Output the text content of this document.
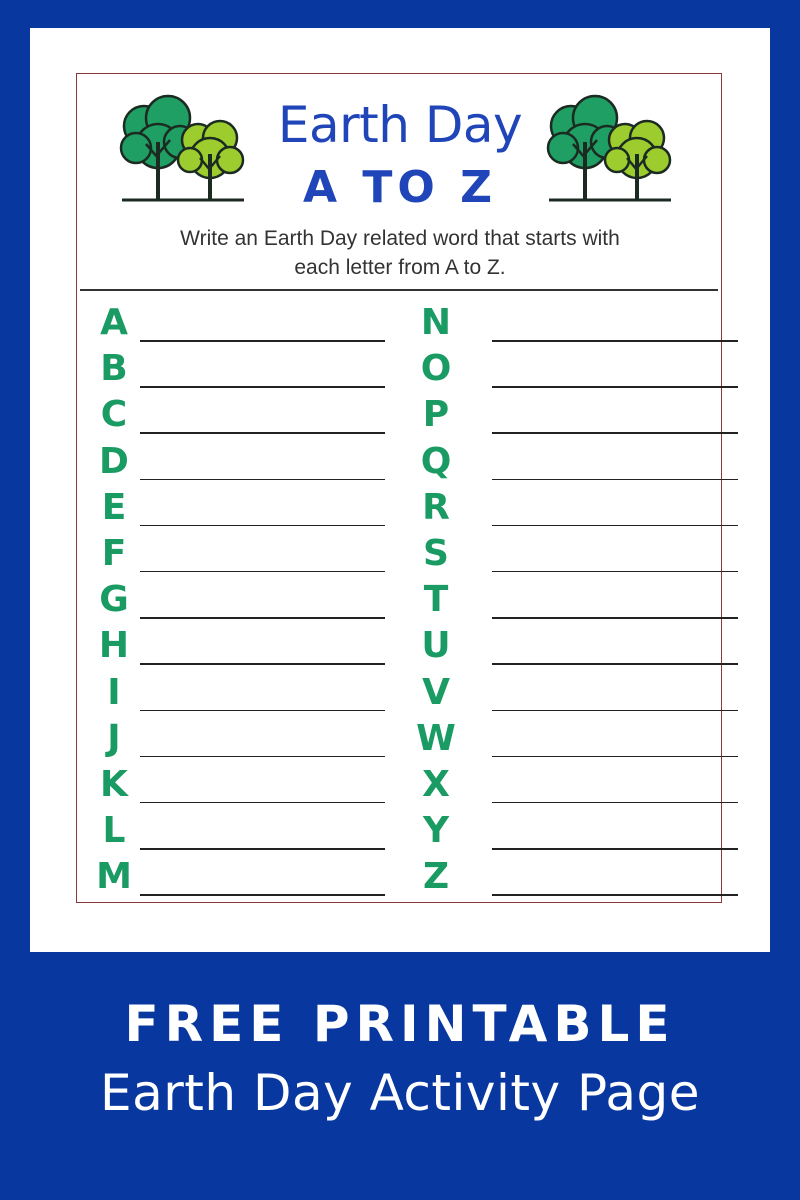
Earth Day
A TO Z
Write an Earth Day related word that starts with
each letter from A to Z.
A
B
C
D
E
F
G
H
I
J
K
L
M
N
O
P
Q
R
S
T
U
V
W
X
Y
Z
FREE PRINTABLE
Earth Day Activity Page
